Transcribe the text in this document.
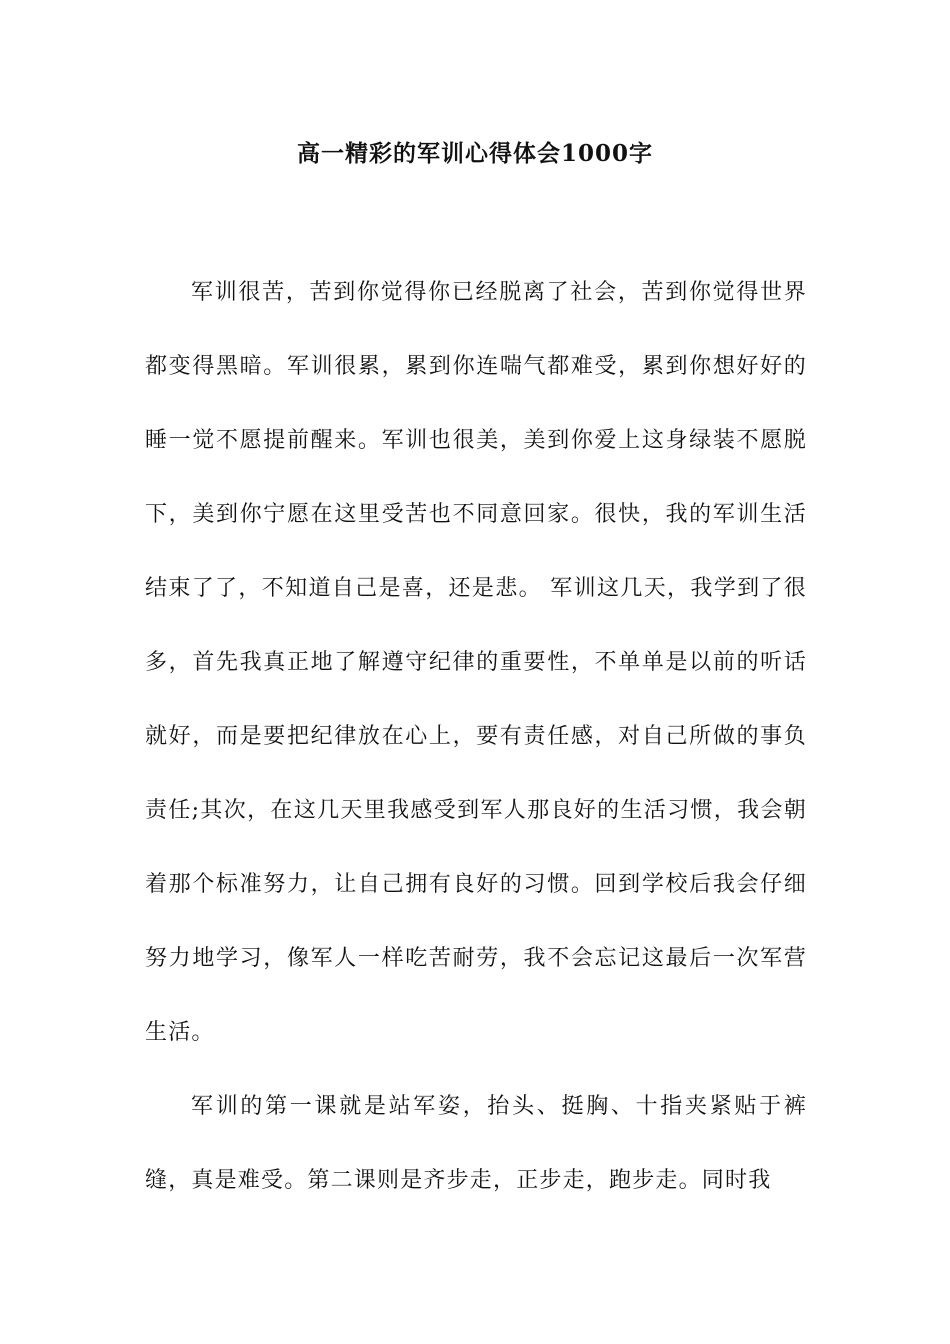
高一精彩的军训心得体会1000字

军训很苦，苦到你觉得你已经脱离了社会，苦到你觉得世界都变得黑暗。军训很累，累到你连喘气都难受，累到你想好好的睡一觉不愿提前醒来。军训也很美，美到你爱上这身绿装不愿脱下，美到你宁愿在这里受苦也不同意回家。很快，我的军训生活结束了了，不知道自己是喜，还是悲。 军训这几天，我学到了很多，首先我真正地了解遵守纪律的重要性，不单单是以前的听话就好，而是要把纪律放在心上，要有责任感，对自己所做的事负责任;其次，在这几天里我感受到军人那良好的生活习惯，我会朝着那个标准努力，让自己拥有良好的习惯。回到学校后我会仔细努力地学习，像军人一样吃苦耐劳，我不会忘记这最后一次军营生活。

军训的第一课就是站军姿，抬头、挺胸、十指夹紧贴于裤缝，真是难受。第二课则是齐步走，正步走，跑步走。同时我
